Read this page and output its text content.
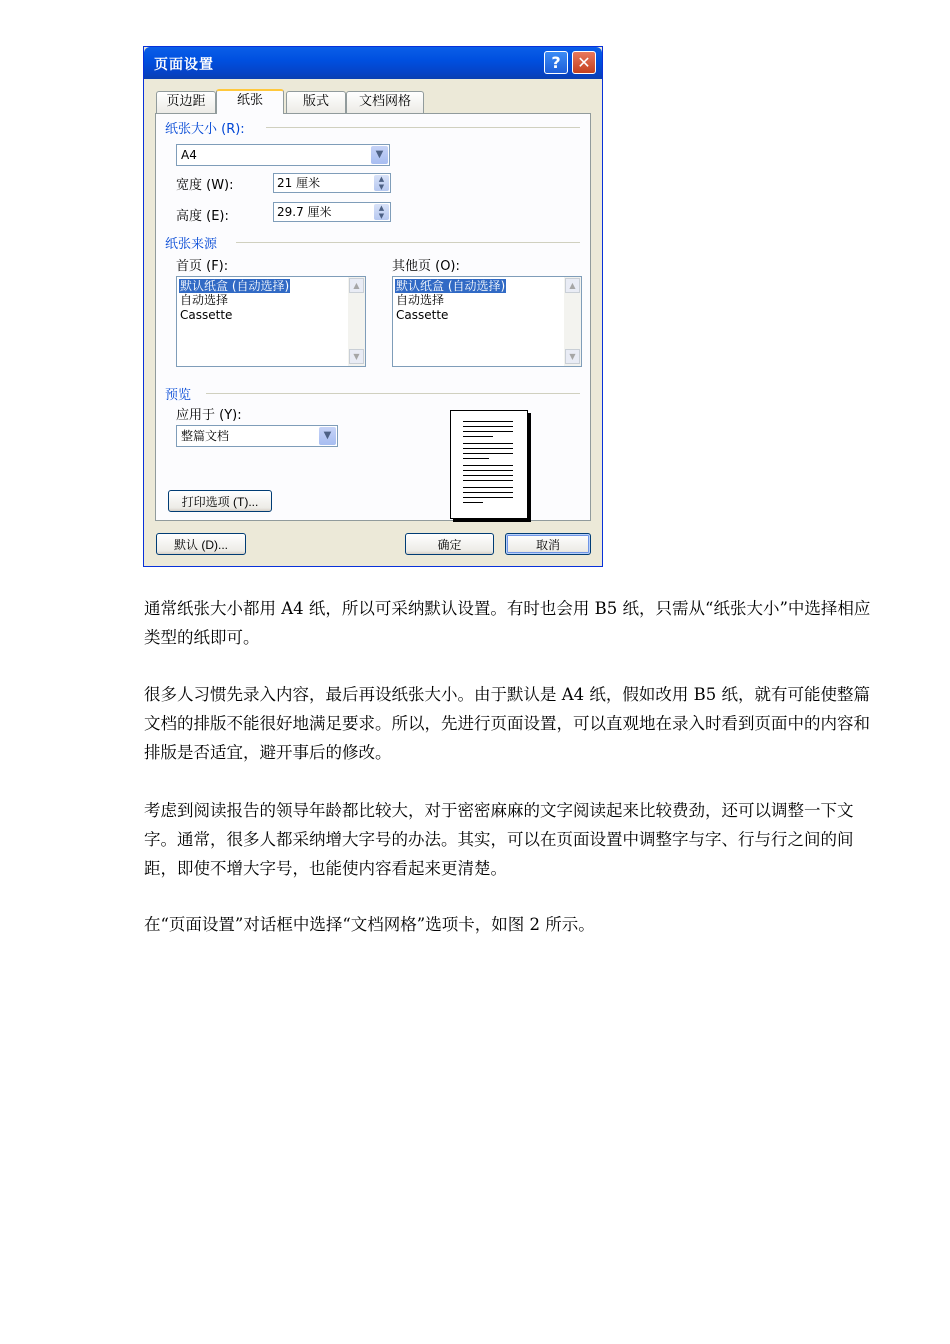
页面设置	?	✕
页边距	纸张	版式	文档网格
纸张大小 (R):
A4	▼
宽度 (W):	21 厘米	▲
▼
高度 (E):	29.7 厘米	▲
▼
纸张来源
首页 (F):	其他页 (O):
默认纸盒 (自动选择)
自动选择
Cassette
▲
▼
默认纸盒 (自动选择)
自动选择
Cassette
▲
▼
预览
应用于 (Y):
整篇文档	▼
打印选项 (T)...
默认 (D)...	确定	取消

通常纸张大小都用 A4 纸，所以可采纳默认设置。有时也会用 B5 纸，只需从“纸张大小”中选择相应类型的纸即可。

很多人习惯先录入内容，最后再设纸张大小。由于默认是 A4 纸，假如改用 B5 纸，就有可能使整篇文档的排版不能很好地满足要求。所以，先进行页面设置，可以直观地在录入时看到页面中的内容和排版是否适宜，避开事后的修改。

考虑到阅读报告的领导年龄都比较大，对于密密麻麻的文字阅读起来比较费劲，还可以调整一下文字。通常，很多人都采纳增大字号的办法。其实，可以在页面设置中调整字与字、行与行之间的间距，即使不增大字号，也能使内容看起来更清楚。

在“页面设置”对话框中选择“文档网格”选项卡，如图 2 所示。
